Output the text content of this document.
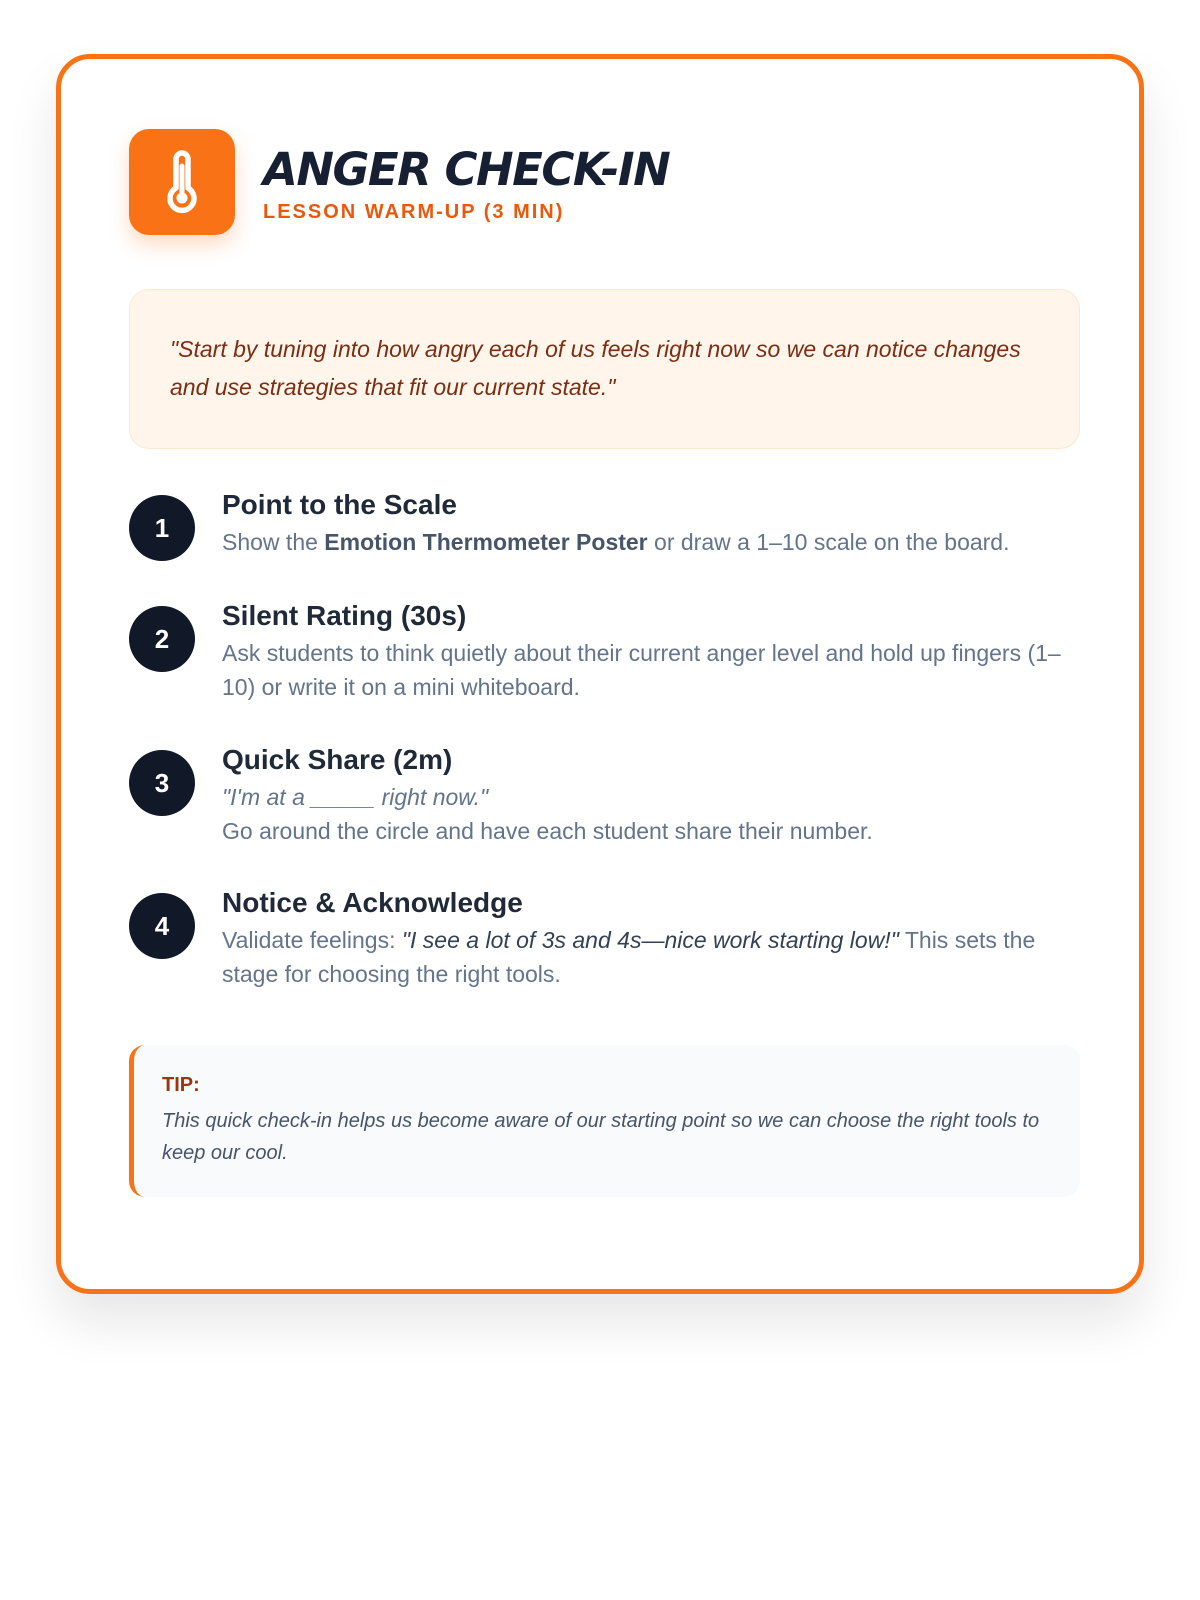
ANGER CHECK-IN
LESSON WARM-UP (3 MIN)
"Start by tuning into how angry each of us feels right now so we can notice changes and use strategies that fit our current state."
1
Point to the Scale
Show the Emotion Thermometer Poster or draw a 1–10 scale on the board.
2
Silent Rating (30s)
Ask students to think quietly about their current anger level and hold up fingers (1–10) or write it on a mini whiteboard.
3
Quick Share (2m)
"I'm at a _____ right now."
Go around the circle and have each student share their number.
4
Notice & Acknowledge
Validate feelings: "I see a lot of 3s and 4s—nice work starting low!" This sets the stage for choosing the right tools.
TIP:
This quick check-in helps us become aware of our starting point so we can choose the right tools to keep our cool.
